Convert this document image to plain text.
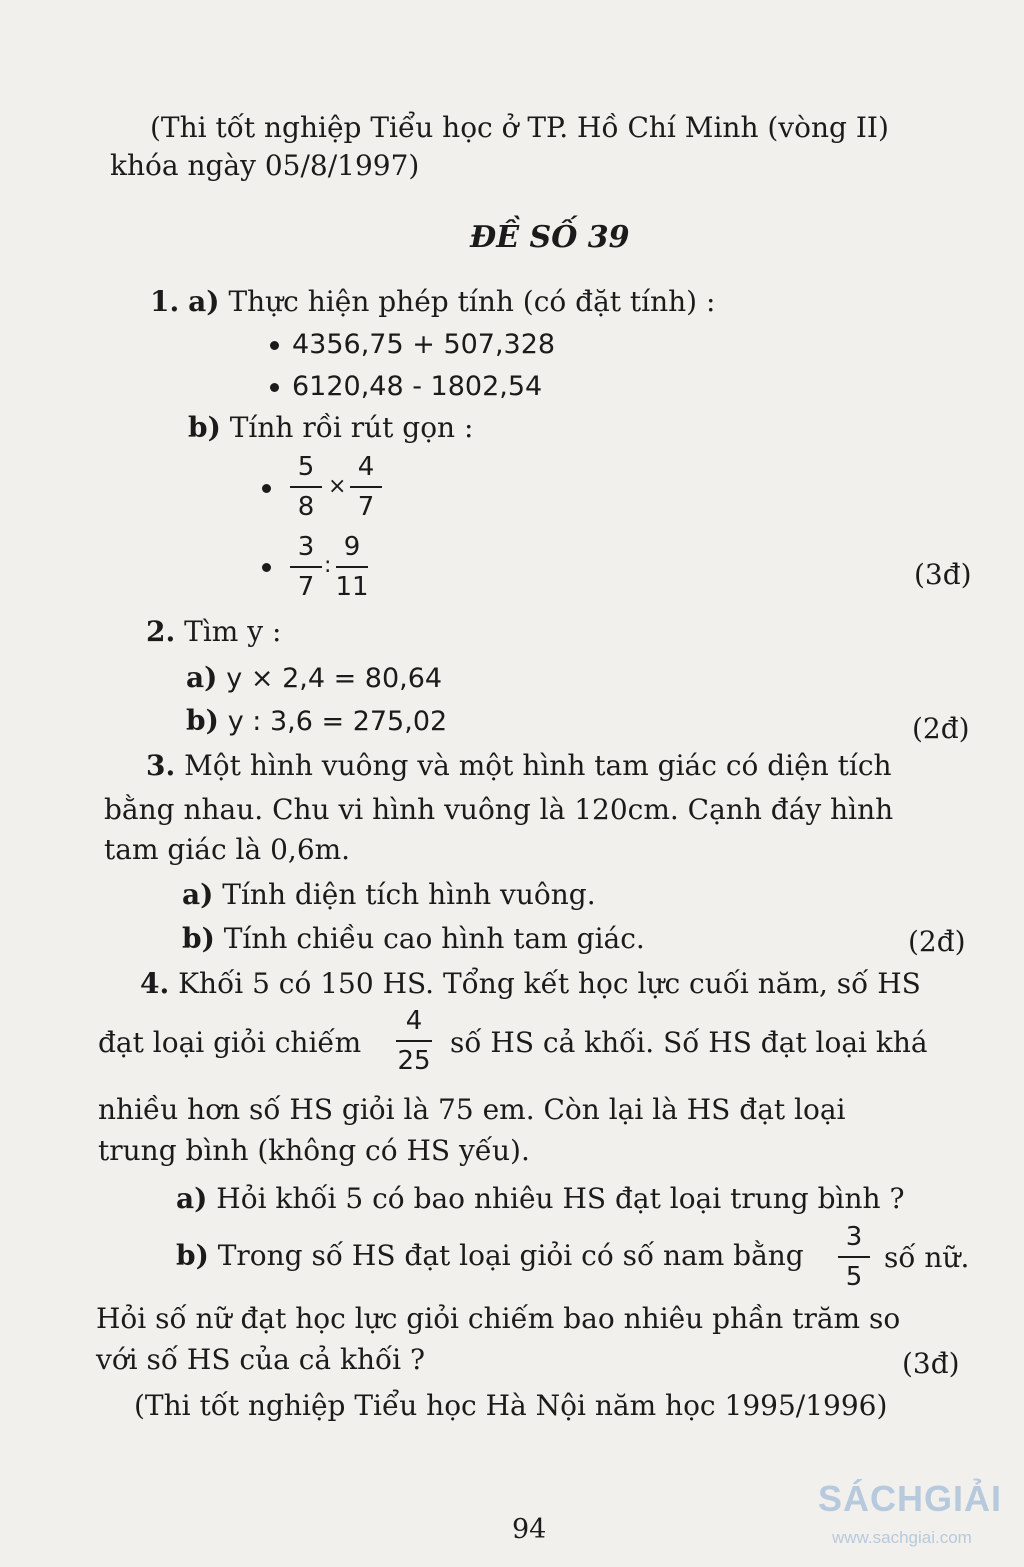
(Thi tốt nghiệp Tiểu học ở TP. Hồ Chí Minh (vòng II)
khóa ngày 05/8/1997)
ĐỀ SỐ 39
1. a) Thực hiện phép tính (có đặt tính) :
4356,75 + 507,328
6120,48 - 1802,54
b) Tính rồi rút gọn :
5
8
×
4
7
3
7
:
9
11	(3đ)
2. Tìm y :
a) y × 2,4 = 80,64
b) y : 3,6 = 275,02	(2đ)
3. Một hình vuông và một hình tam giác có diện tích
bằng nhau. Chu vi hình vuông là 120cm. Cạnh đáy hình
tam giác là 0,6m.
a) Tính diện tích hình vuông.
b) Tính chiều cao hình tam giác.	(2đ)
4. Khối 5 có 150 HS. Tổng kết học lực cuối năm, số HS
đạt loại giỏi chiếm
4
25
số HS cả khối. Số HS đạt loại khá
nhiều hơn số HS giỏi là 75 em. Còn lại là HS đạt loại
trung bình (không có HS yếu).
a) Hỏi khối 5 có bao nhiêu HS đạt loại trung bình ?
b) Trong số HS đạt loại giỏi có số nam bằng
3
5
số nữ.
Hỏi số nữ đạt học lực giỏi chiếm bao nhiêu phần trăm so
với số HS của cả khối ?	(3đ)
(Thi tốt nghiệp Tiểu học Hà Nội năm học 1995/1996)
94
SÁCHGIẢI
www.sachgiai.com
